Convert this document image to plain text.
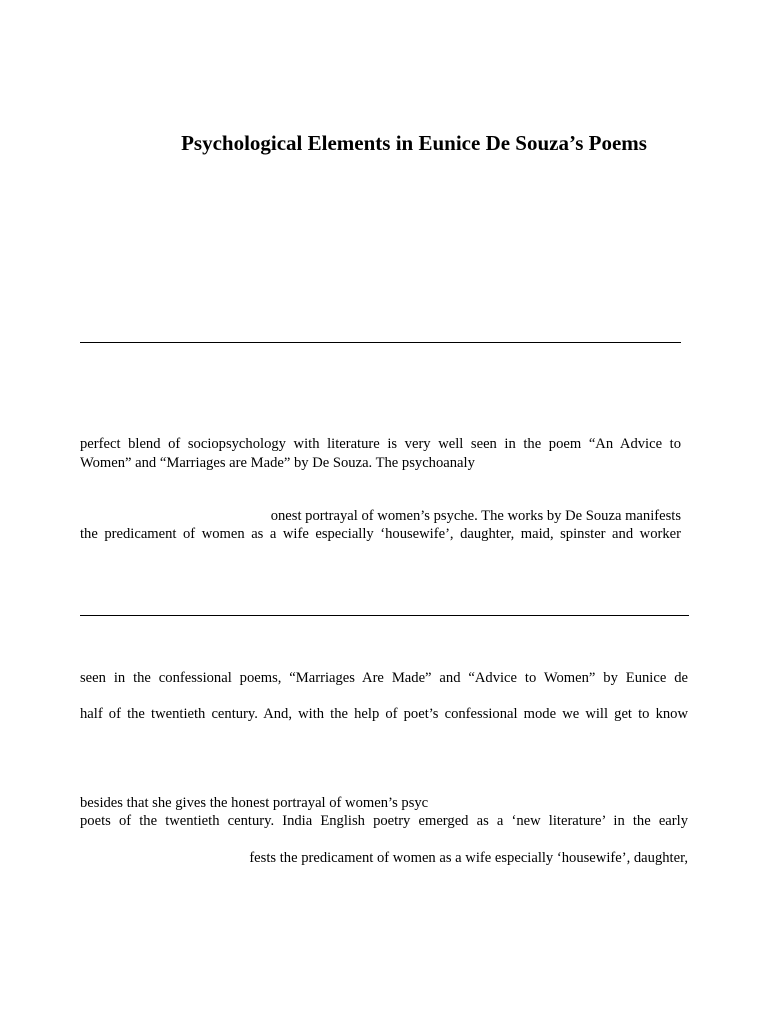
Psychological Elements in Eunice De Souza’s Poems
perfect blend of sociopsychology with literature is very well seen in the poem “An Advice to
Women” and “Marriages are Made” by De Souza. The psychoanaly
onest portrayal of women’s psyche. The works by De Souza manifests
the predicament of women as a wife especially ‘housewife’, daughter, maid, spinster and worker
seen in the confessional poems, “Marriages Are Made” and “Advice to Women” by Eunice de
half of the twentieth century. And, with the help of poet’s confessional mode we will get to know
besides that she gives the honest portrayal of women’s psyc
poets of the twentieth century. India English poetry emerged as a ‘new literature’ in the early
fests the predicament of women as a wife especially ‘housewife’, daughter,
